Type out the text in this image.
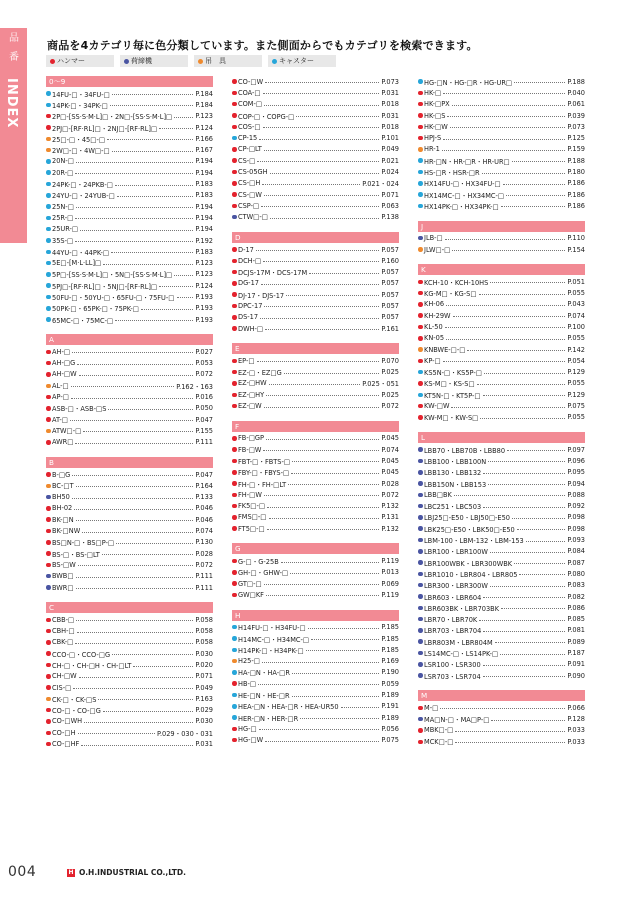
品
番
INDEX
商品を4カテゴリ毎に色分類しています。また側面からでもカテゴリを検索できます。
ハンマー	荷締機	吊　具	キャスター
0〜9
14FU-□・34FU-□	P.184
14PK-□・34PK-□	P.184
2P□-[SS·S·M·L]□・2N□-[SS·S·M·L]□	P.123
2PJ□-[RF·RL]□・2NJ□-[RF·RL]□	P.124
25□-□・45□-□	P.166
2W□-□・4W□-□	P.167
20N-□	P.194
20R-□	P.194
24PK-□・24PKB-□	P.183
24YU-□・24YUB-□	P.183
25N-□	P.194
25R-□	P.194
25UR-□	P.194
35S-□	P.192
44YU-□・44PK-□	P.183
5E□-[M·L·LL]□	P.123
5P□-[SS·S·M·L]□・5N□-[SS·S·M·L]□	P.123
5PJ□-[RF·RL]□・5NJ□-[RF·RL]□	P.124
50FU-□・50YU-□・65FU-□・75FU-□	P.193
50PK-□・65PK-□・75PK-□	P.193
65MC-□・75MC-□	P.193
A
AH-□	P.027
AH-□G	P.053
AH-□W	P.072
AL-□	P.162・163
AP-□	P.016
ASB-□・ASB-□S	P.050
AT-□	P.047
ATW□-□	P.155
AWR□	P.111
B
B-□G	P.047
BC-□T	P.164
BH50	P.133
BH-02	P.046
BK-□N	P.046
BK-□NW	P.074
BS□N-□・BS□P-□	P.130
BS-□・BS-□LT	P.028
BS-□W	P.072
BWB□	P.111
BWR□	P.111
C
CBB-□	P.058
CBH-□	P.058
CBK-□	P.058
CCO-□・CCO-□G	P.030
CH-□・CH-□H・CH-□LT	P.020
CH-□W	P.071
CIS-□	P.049
CK-□・CK-□S	P.163
CO-□・CO-□G	P.029
CO-□WH	P.030
CO-□H	P.029・030・031
CO-□HF	P.031
CO-□W	P.073
COA-□	P.031
COM-□	P.018
COP-□・COPG-□	P.031
COS-□	P.018
CP-15	P.101
CP-□LT	P.049
CS-□	P.021
CS-05GH	P.024
CS-□H	P.021・024
CS-□W	P.071
CSP-□	P.063
CTW□-□	P.138
D
D-17	P.057
DCH-□	P.160
DCJS-17M・DCS-17M	P.057
DG-17	P.057
DJ-17・DJS-17	P.057
DPC-17	P.057
DS-17	P.057
DWH-□	P.161
E
EP-□	P.070
EZ-□・EZ□G	P.025
EZ-□HW	P.025・051
EZ-□HY	P.025
EZ-□W	P.072
F
FB-□GP	P.045
FB-□W	P.074
FBT-□・FBTS-□	P.045
FBY-□・FBYS-□	P.045
FH-□・FH-□LT	P.028
FH-□W	P.072
FK5□-□	P.132
FMS□-□	P.131
FT5□-□	P.132
G
G-□・G-25B	P.119
GH-□・GHW-□	P.013
GT□-□	P.069
GW□KF	P.119
H
H14FU-□・H34FU-□	P.185
H14MC-□・H34MC-□	P.185
H14PK-□・H34PK-□	P.185
H25-□	P.169
HA-□N・HA-□R	P.190
HB-□	P.059
HE-□N・HE-□R	P.189
HEA-□N・HEA-□R・HEA-UR50	P.191
HER-□N・HER-□R	P.189
HG-□	P.056
HG-□W	P.075
HG-□N・HG-□R・HG-UR□	P.188
HK-□	P.040
HK-□PX	P.061
HK-□S	P.039
HK-□W	P.073
HPJ-S	P.125
HR-1	P.159
HR-□N・HR-□R・HR-UR□	P.188
HS-□R・HSR-□R	P.180
HX14FU-□・HX34FU-□	P.186
HX14MC-□・HX34MC-□	P.186
HX14PK-□・HX34PK-□	P.186
J
JLB-□	P.110
JLW□-□	P.154
K
KCH-10・KCH-10HS	P.051
KG-M□・KG-S□	P.055
KH-06	P.043
KH-29W	P.074
KL-50	P.100
KN-05	P.055
KNBWE-□-□	P.142
KP-□	P.054
KS5N-□・KS5P-□	P.129
KS-M□・KS-S□	P.055
KT5N-□・KT5P-□	P.129
KW-□W	P.075
KW-M□・KW-S□	P.055
L
LBB70・LBB70B・LBB80	P.097
LBB100・LBB100N	P.096
LBB130・LBB132	P.095
LBB150N・LBB153	P.094
LBB□BK	P.088
LBC251・LBC503	P.092
LBJ25□-E50・LBJ50□-E50	P.098
LBK25□-E50・LBK50□-E50	P.098
LBM-100・LBM-132・LBM-153	P.093
LBR100・LBR100W	P.084
LBR100WBK・LBR300WBK	P.087
LBR1010・LBR804・LBR805	P.080
LBR300・LBR300W	P.083
LBR603・LBR604	P.082
LBR603BK・LBR703BK	P.086
LBR70・LBR70K	P.085
LBR703・LBR704	P.081
LBR803M・LBR804M	P.089
LS14MC-□・LS14PK-□	P.187
LSR100・LSR300	P.091
LSR703・LSR704	P.090
M
M-□	P.066
MA□N-□・MA□P-□	P.128
MBK□-□	P.033
MCK□-□	P.033
004	H O.H.INDUSTRIAL CO.,LTD.
